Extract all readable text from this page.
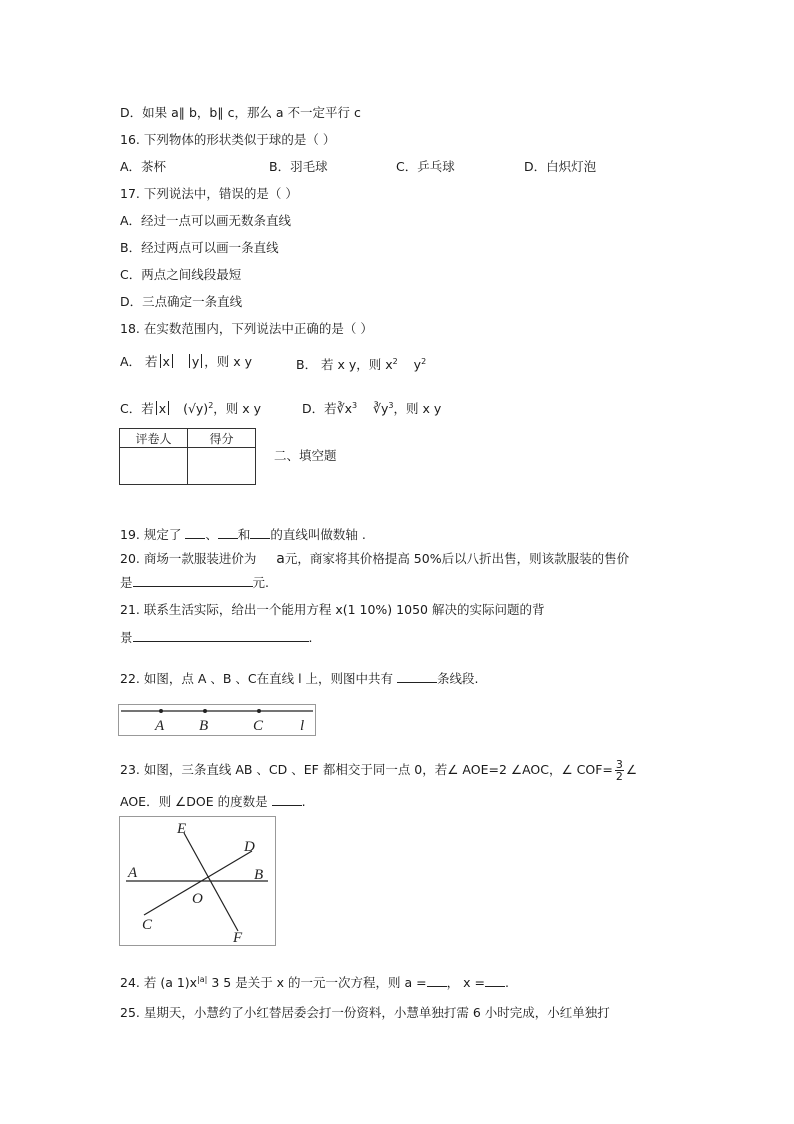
D．如果 a∥ b，b∥ c，那么 a 不一定平行 c
16. 下列物体的形状类似于球的是（ ）
A．茶杯	B．羽毛球	C．乒乓球	D．白炽灯泡
17. 下列说法中，错误的是（ ）
A．经过一点可以画无数条直线
B．经过两点可以画一条直线
C．两点之间线段最短
D．三点确定一条直线
18. 在实数范围内，下列说法中正确的是（ ）
A． 若 x y ，则 x y	B． 若 x y，则 $x^2$ $y^2$
C．若 x $(√y)^2$，则 x y	D．若$∛x^3$ $∛y^3$，则 x y
评卷人	得分

二、填空题
19. 规定了 、 和 的直线叫做数轴 .
20. 商场一款服装进价为 a元，商家将其价格提高 50%后以八折出售，则该款服装的售价
是	元.
21. 联系生活实际，给出一个能用方程 x(1 10%) 1050 解决的实际问题的背
景	.
22. 如图，点 A 、B 、C在直线 l 上，则图中共有	条线段.
A B	C l
23. 如图，三条直线 AB 、CD 、EF 都相交于同一点 0，若∠ AOE=2 ∠AOC，∠ $COF= \frac{3}{2}$ ∠
AOE．则 ∠DOE 的度数是 .
E
D
A	B
O
C
F
24. 若 (a $1)x^{|a|}$ 3 5 是关于 x 的一元一次方程，则 a = ， x = .
25. 星期天，小慧约了小红替居委会打一份资料，小慧单独打需 6 小时完成，小红单独打
